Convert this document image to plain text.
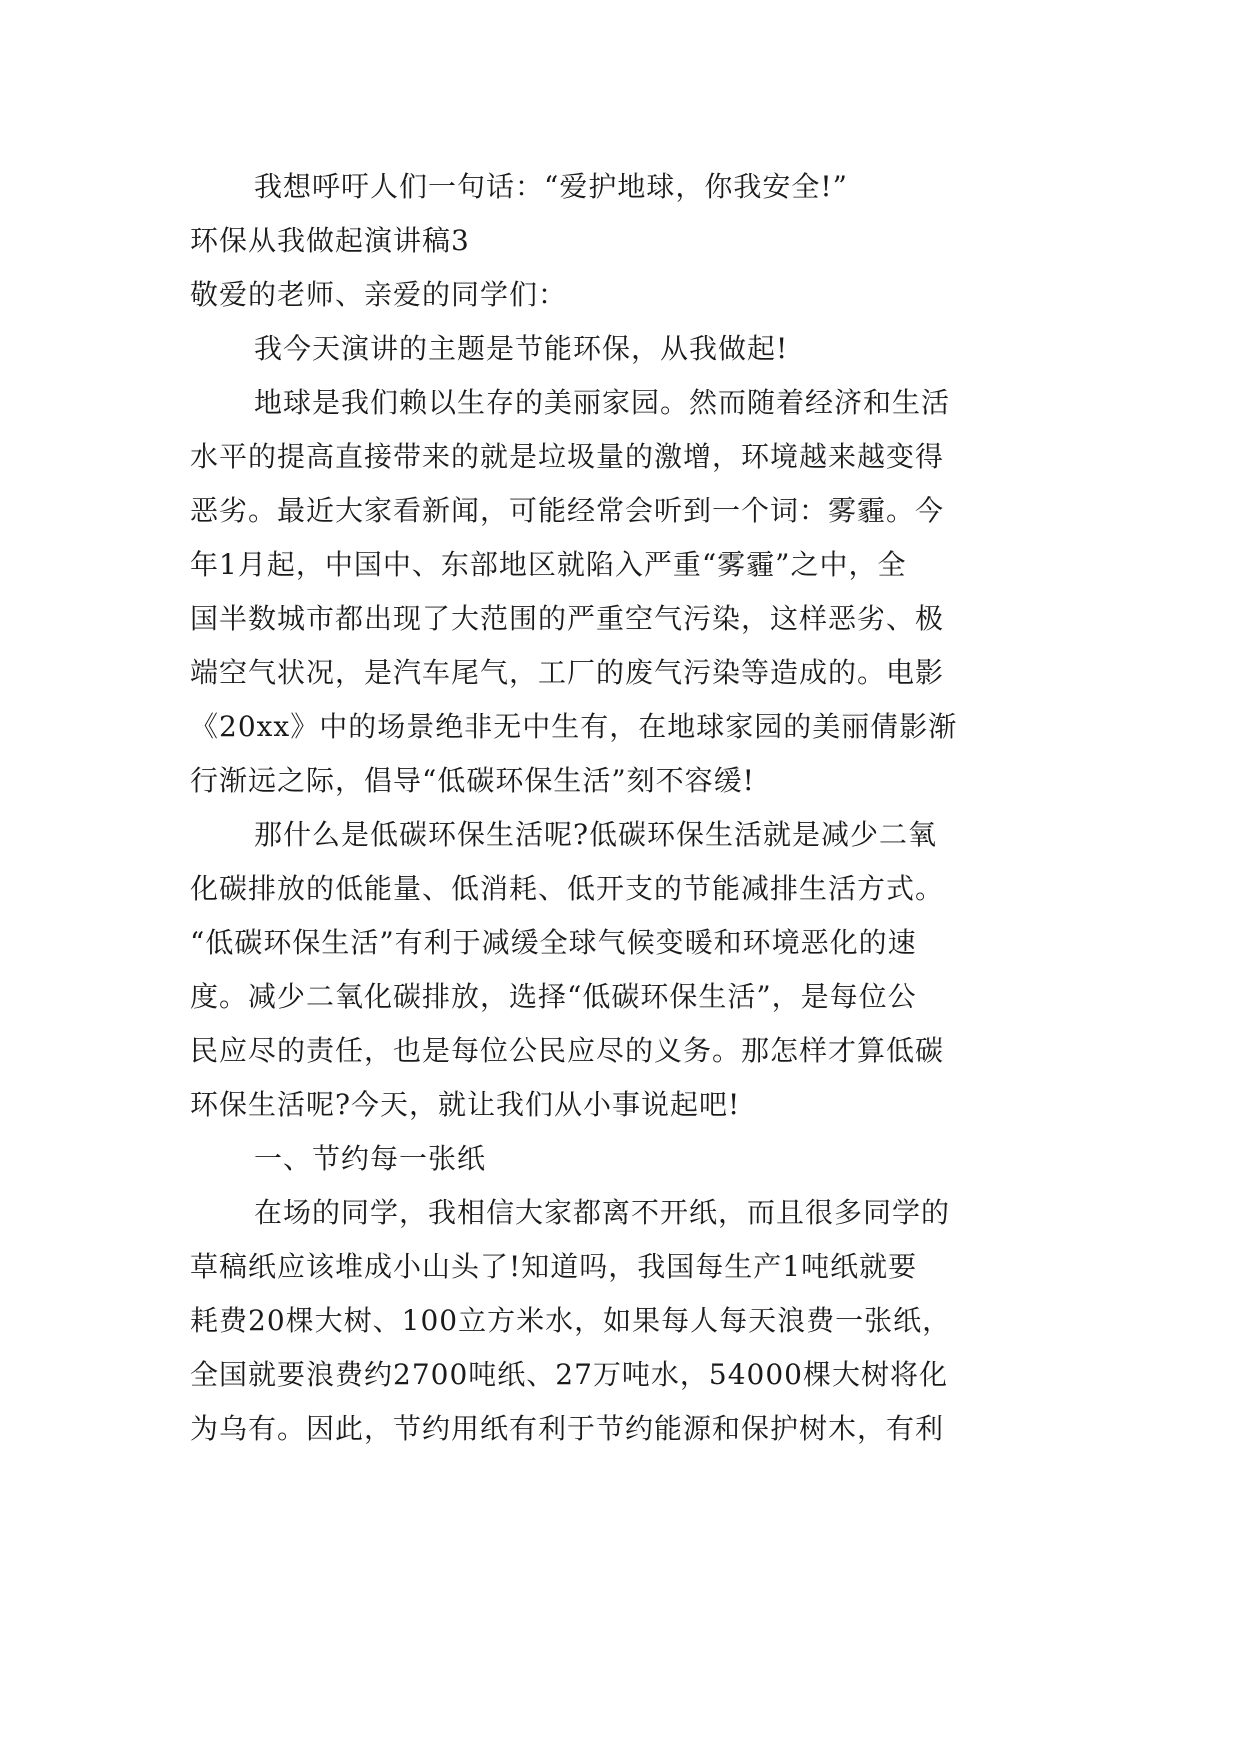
我想呼吁人们一句话：“爱护地球，你我安全!”
环保从我做起演讲稿3
敬爱的老师、亲爱的同学们：
我今天演讲的主题是节能环保，从我做起!
地球是我们赖以生存的美丽家园。然而随着经济和生活
水平的提高直接带来的就是垃圾量的激增，环境越来越变得
恶劣。最近大家看新闻，可能经常会听到一个词：雾霾。今
年1月起，中国中、东部地区就陷入严重“雾霾”之中，全
国半数城市都出现了大范围的严重空气污染，这样恶劣、极
端空气状况，是汽车尾气，工厂的废气污染等造成的。电影
《20xx》中的场景绝非无中生有，在地球家园的美丽倩影渐
行渐远之际，倡导“低碳环保生活”刻不容缓!
那什么是低碳环保生活呢?低碳环保生活就是减少二氧
化碳排放的低能量、低消耗、低开支的节能减排生活方式。
“低碳环保生活”有利于减缓全球气候变暖和环境恶化的速
度。减少二氧化碳排放，选择“低碳环保生活”，是每位公
民应尽的责任，也是每位公民应尽的义务。那怎样才算低碳
环保生活呢?今天，就让我们从小事说起吧!
一、节约每一张纸
在场的同学，我相信大家都离不开纸，而且很多同学的
草稿纸应该堆成小山头了!知道吗，我国每生产1吨纸就要
耗费20棵大树、100立方米水，如果每人每天浪费一张纸，
全国就要浪费约2700吨纸、27万吨水，54000棵大树将化
为乌有。因此，节约用纸有利于节约能源和保护树木，有利
